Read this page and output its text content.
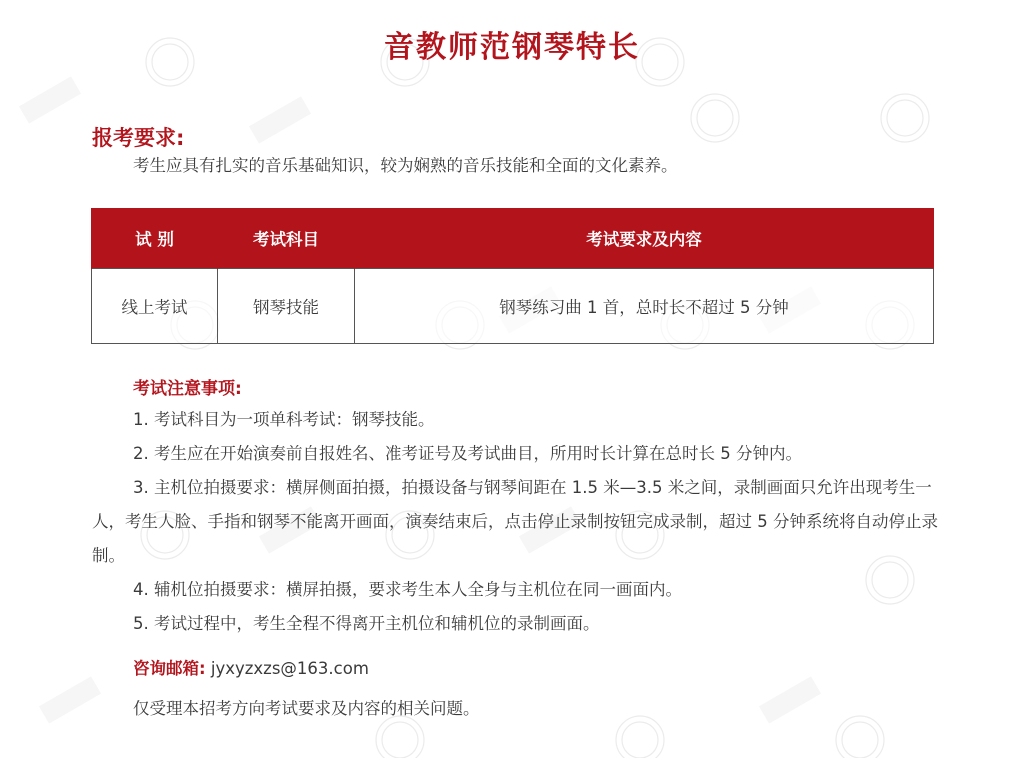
音教师范钢琴特长
报考要求:
考生应具有扎实的音乐基础知识，较为娴熟的音乐技能和全面的文化素养。
试 别	考试科目	考试要求及内容
线上考试	钢琴技能	钢琴练习曲 1 首，总时长不超过 5 分钟
考试注意事项:
1. 考试科目为一项单科考试：钢琴技能。
2. 考生应在开始演奏前自报姓名、准考证号及考试曲目，所用时长计算在总时长 5 分钟内。
3. 主机位拍摄要求：横屏侧面拍摄，拍摄设备与钢琴间距在 1.5 米—3.5 米之间，录制画面只允许出现考生一人，考生人脸、手指和钢琴不能离开画面，演奏结束后，点击停止录制按钮完成录制，超过 5 分钟系统将自动停止录制。
4. 辅机位拍摄要求：横屏拍摄，要求考生本人全身与主机位在同一画面内。
5. 考试过程中，考生全程不得离开主机位和辅机位的录制画面。
咨询邮箱: jyxyzxzs@163.com
仅受理本招考方向考试要求及内容的相关问题。
